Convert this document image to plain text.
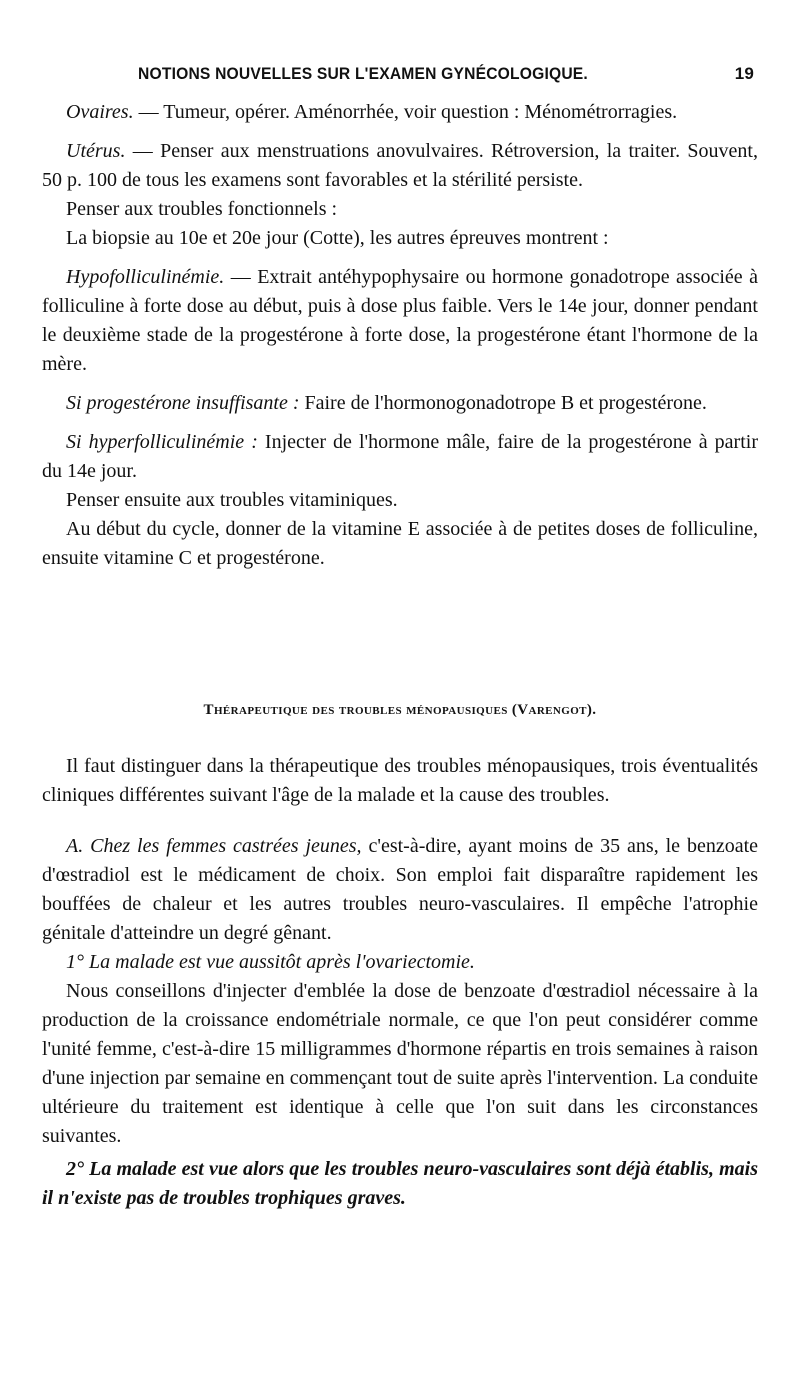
NOTIONS NOUVELLES SUR L'EXAMEN GYNÉCOLOGIQUE.	19

Ovaires. — Tumeur, opérer. Aménorrhée, voir question : Ménométrorragies.

Utérus. — Penser aux menstruations anovulvaires. Rétroversion, la traiter. Souvent, 50 p. 100 de tous les examens sont favorables et la stérilité persiste.

Penser aux troubles fonctionnels :

La biopsie au 10e et 20e jour (Cotte), les autres épreuves montrent :

Hypofolliculinémie. — Extrait antéhypophysaire ou hormone gonadotrope associée à folliculine à forte dose au début, puis à dose plus faible. Vers le 14e jour, donner pendant le deuxième stade de la progestérone à forte dose, la progestérone étant l'hormone de la mère.

Si progestérone insuffisante : Faire de l'hormonogonadotrope B et progestérone.

Si hyperfolliculinémie : Injecter de l'hormone mâle, faire de la progestérone à partir du 14e jour.

Penser ensuite aux troubles vitaminiques.

Au début du cycle, donner de la vitamine E associée à de petites doses de folliculine, ensuite vitamine C et progestérone.

Thérapeutique des troubles ménopausiques (Varengot).

Il faut distinguer dans la thérapeutique des troubles ménopausiques, trois éventualités cliniques différentes suivant l'âge de la malade et la cause des troubles.

A. Chez les femmes castrées jeunes, c'est-à-dire, ayant moins de 35 ans, le benzoate d'œstradiol est le médicament de choix. Son emploi fait disparaître rapidement les bouffées de chaleur et les autres troubles neuro-vasculaires. Il empêche l'atrophie génitale d'atteindre un degré gênant.

1° La malade est vue aussitôt après l'ovariectomie.

Nous conseillons d'injecter d'emblée la dose de benzoate d'œstradiol nécessaire à la production de la croissance endométriale normale, ce que l'on peut considérer comme l'unité femme, c'est-à-dire 15 milligrammes d'hormone répartis en trois semaines à raison d'une injection par semaine en commençant tout de suite après l'intervention. La conduite ultérieure du traitement est identique à celle que l'on suit dans les circonstances suivantes.

2° La malade est vue alors que les troubles neuro-vasculaires sont déjà établis, mais il n'existe pas de troubles trophiques graves.
